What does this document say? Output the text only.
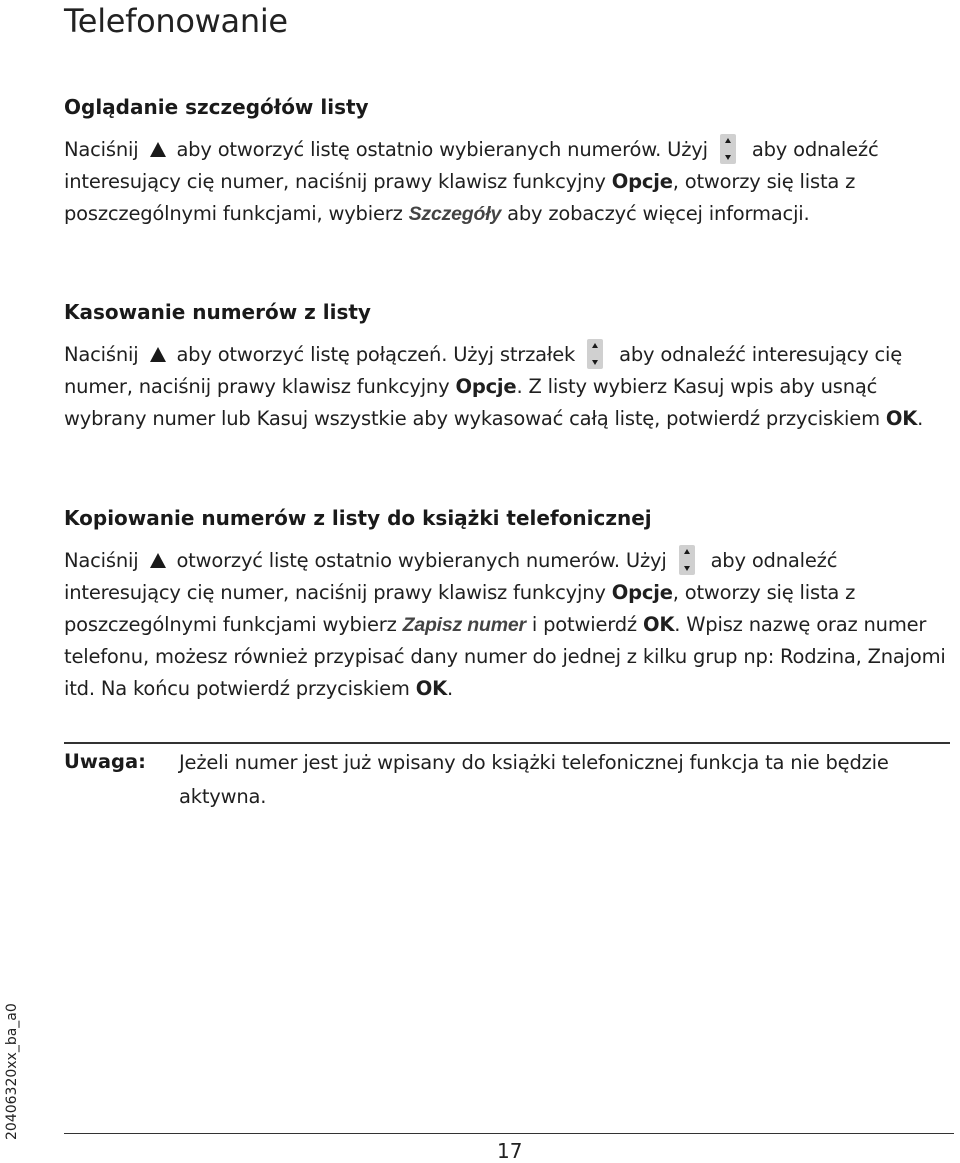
Telefonowanie
Oglądanie szczegółów listy
Naciśnij aby otworzyć listę ostatnio wybieranych numerów. Użyj aby odnaleźć interesujący cię numer, naciśnij prawy klawisz funkcyjny Opcje, otworzy się lista z poszczególnymi funkcjami, wybierz Szczegóły aby zobaczyć więcej informacji.
Kasowanie numerów z listy
Naciśnij aby otworzyć listę połączeń. Użyj strzałek aby odnaleźć interesujący cię numer, naciśnij prawy klawisz funkcyjny Opcje. Z listy wybierz Kasuj wpis aby usnąć wybrany numer lub Kasuj wszystkie aby wykasować całą listę, potwierdź przyciskiem OK.
Kopiowanie numerów z listy do książki telefonicznej
Naciśnij otworzyć listę ostatnio wybieranych numerów. Użyj aby odnaleźć interesujący cię numer, naciśnij prawy klawisz funkcyjny Opcje, otworzy się lista z poszczególnymi funkcjami wybierz Zapisz numer i potwierdź OK. Wpisz nazwę oraz numer telefonu, możesz również przypisać dany numer do jednej z kilku grup np: Rodzina, Znajomi itd. Na końcu potwierdź przyciskiem OK.
Uwaga: Jeżeli numer jest już wpisany do książki telefonicznej funkcja ta nie będzie aktywna.
20406320xx_ba_a0
17
